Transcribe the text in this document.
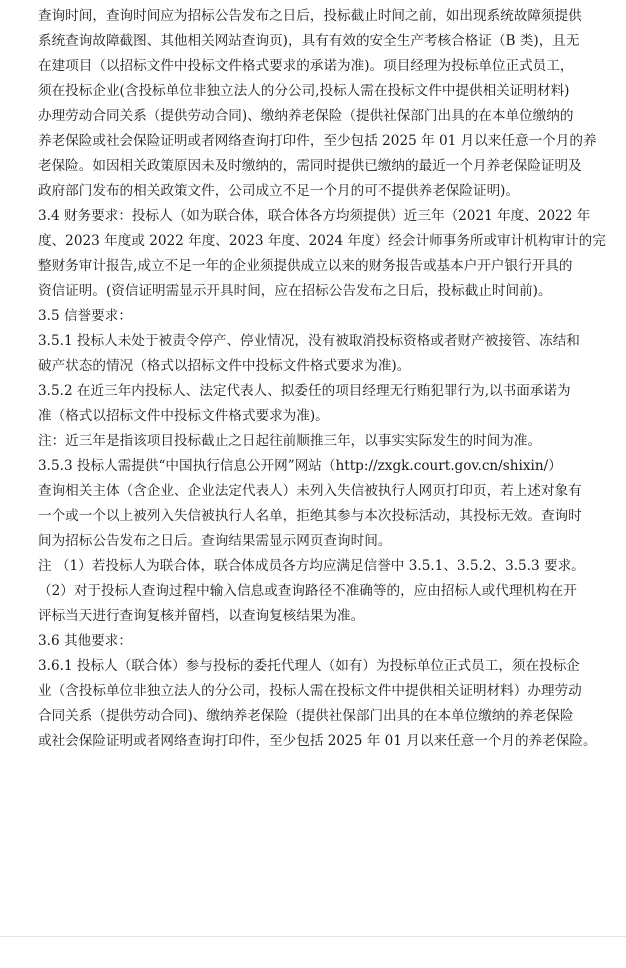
查询时间，查询时间应为招标公告发布之日后，投标截止时间之前，如出现系统故障须提供
系统查询故障截图、其他相关网站查询页)，具有有效的安全生产考核合格证（B 类)，且无
在建项目（以招标文件中投标文件格式要求的承诺为准)。项目经理为投标单位正式员工，
须在投标企业(含投标单位非独立法人的分公司,投标人需在投标文件中提供相关证明材料)
办理劳动合同关系（提供劳动合同)、缴纳养老保险（提供社保部门出具的在本单位缴纳的
养老保险或社会保险证明或者网络查询打印件，至少包括 2025 年 01 月以来任意一个月的养
老保险。如因相关政策原因未及时缴纳的，需同时提供已缴纳的最近一个月养老保险证明及
政府部门发布的相关政策文件，公司成立不足一个月的可不提供养老保险证明)。
3.4 财务要求：投标人（如为联合体，联合体各方均须提供）近三年（2021 年度、2022 年
度、2023 年度或 2022 年度、2023 年度、2024 年度）经会计师事务所或审计机构审计的完
整财务审计报告,成立不足一年的企业须提供成立以来的财务报告或基本户开户银行开具的
资信证明。(资信证明需显示开具时间，应在招标公告发布之日后，投标截止时间前)。
3.5 信誉要求：
3.5.1 投标人未处于被责令停产、停业情况，没有被取消投标资格或者财产被接管、冻结和
破产状态的情况（格式以招标文件中投标文件格式要求为准)。
3.5.2 在近三年内投标人、法定代表人、拟委任的项目经理无行贿犯罪行为,以书面承诺为
准（格式以招标文件中投标文件格式要求为准)。
注：近三年是指该项目投标截止之日起往前顺推三年，以事实实际发生的时间为准。
3.5.3 投标人需提供“中国执行信息公开网”网站（http://zxgk.court.gov.cn/shixin/）
查询相关主体（含企业、企业法定代表人）未列入失信被执行人网页打印页，若上述对象有
一个或一个以上被列入失信被执行人名单，拒绝其参与本次投标活动，其投标无效。查询时
间为招标公告发布之日后。查询结果需显示网页查询时间。
注 （1）若投标人为联合体，联合体成员各方均应满足信誉中 3.5.1、3.5.2、3.5.3 要求。
（2）对于投标人查询过程中输入信息或查询路径不准确等的，应由招标人或代理机构在开
评标当天进行查询复核并留档，以查询复核结果为准。
3.6 其他要求：
3.6.1 投标人（联合体）参与投标的委托代理人（如有）为投标单位正式员工，须在投标企
业（含投标单位非独立法人的分公司，投标人需在投标文件中提供相关证明材料）办理劳动
合同关系（提供劳动合同)、缴纳养老保险（提供社保部门出具的在本单位缴纳的养老保险
或社会保险证明或者网络查询打印件，至少包括 2025 年 01 月以来任意一个月的养老保险。
